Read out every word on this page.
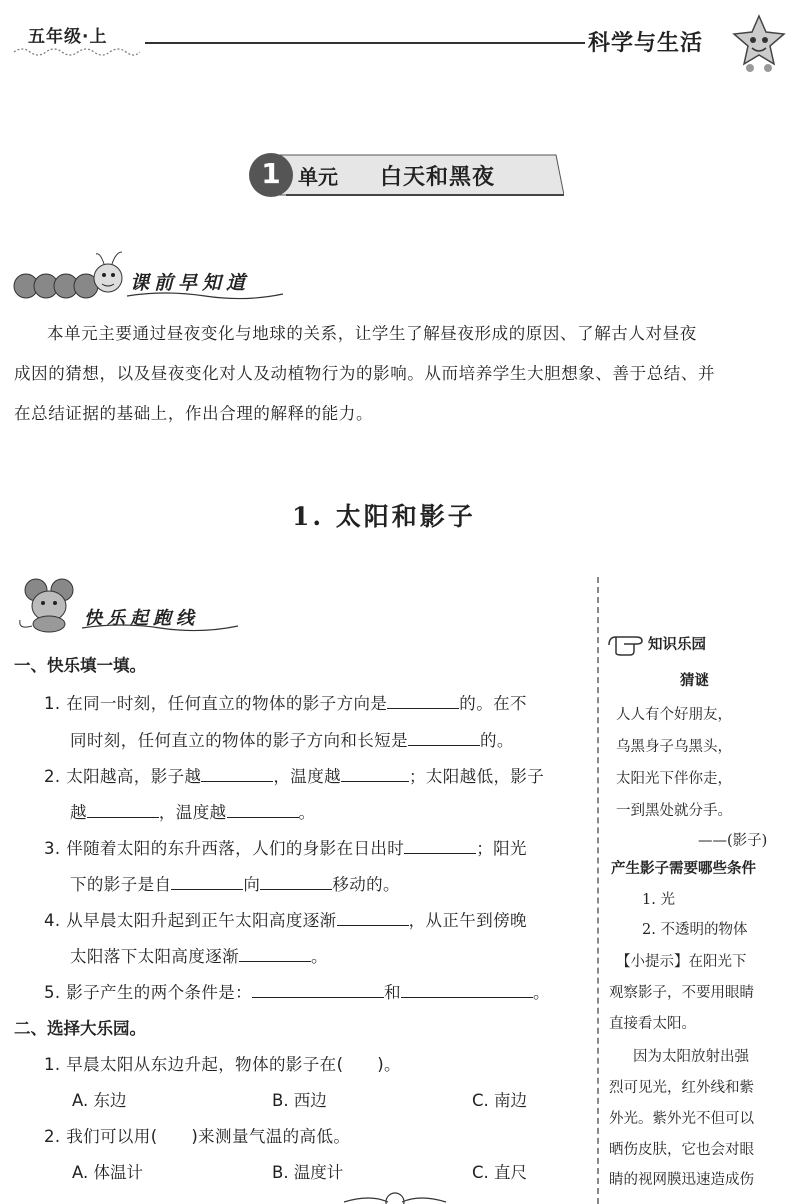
五年级·上	科学与生活
1 单元 白天和黑夜
课前早知道
本单元主要通过昼夜变化与地球的关系，让学生了解昼夜形成的原因、了解古人对昼夜
成因的猜想，以及昼夜变化对人及动植物行为的影响。从而培养学生大胆想象、善于总结、并
在总结证据的基础上，作出合理的解释的能力。
1. 太阳和影子
快乐起跑线
一、快乐填一填。
1. 在同一时刻，任何直立的物体的影子方向是	的。在不
同时刻，任何直立的物体的影子方向和长短是	的。
2. 太阳越高，影子越	，温度越	；太阳越低，影子
越	，温度越	。
3. 伴随着太阳的东升西落，人们的身影在日出时	；阳光
下的影子是自	向	移动的。
4. 从早晨太阳升起到正午太阳高度逐渐	，从正午到傍晚
太阳落下太阳高度逐渐	。
5. 影子产生的两个条件是：	和	。
二、选择大乐园。
1. 早晨太阳从东边升起，物体的影子在(　　)。
A. 东边	B. 西边	C. 南边
2. 我们可以用(　　)来测量气温的高低。
A. 体温计	B. 温度计	C. 直尺
知识乐园
猜谜
人人有个好朋友，
乌黑身子乌黑头，
太阳光下伴你走，
一到黑处就分手。
——(影子)
产生影子需要哪些条件
1. 光
2. 不透明的物体
【小提示】在阳光下
观察影子，不要用眼睛
直接看太阳。
因为太阳放射出强
烈可见光，红外线和紫
外光。紫外光不但可以
晒伤皮肤，它也会对眼
睛的视网膜迅速造成伤
